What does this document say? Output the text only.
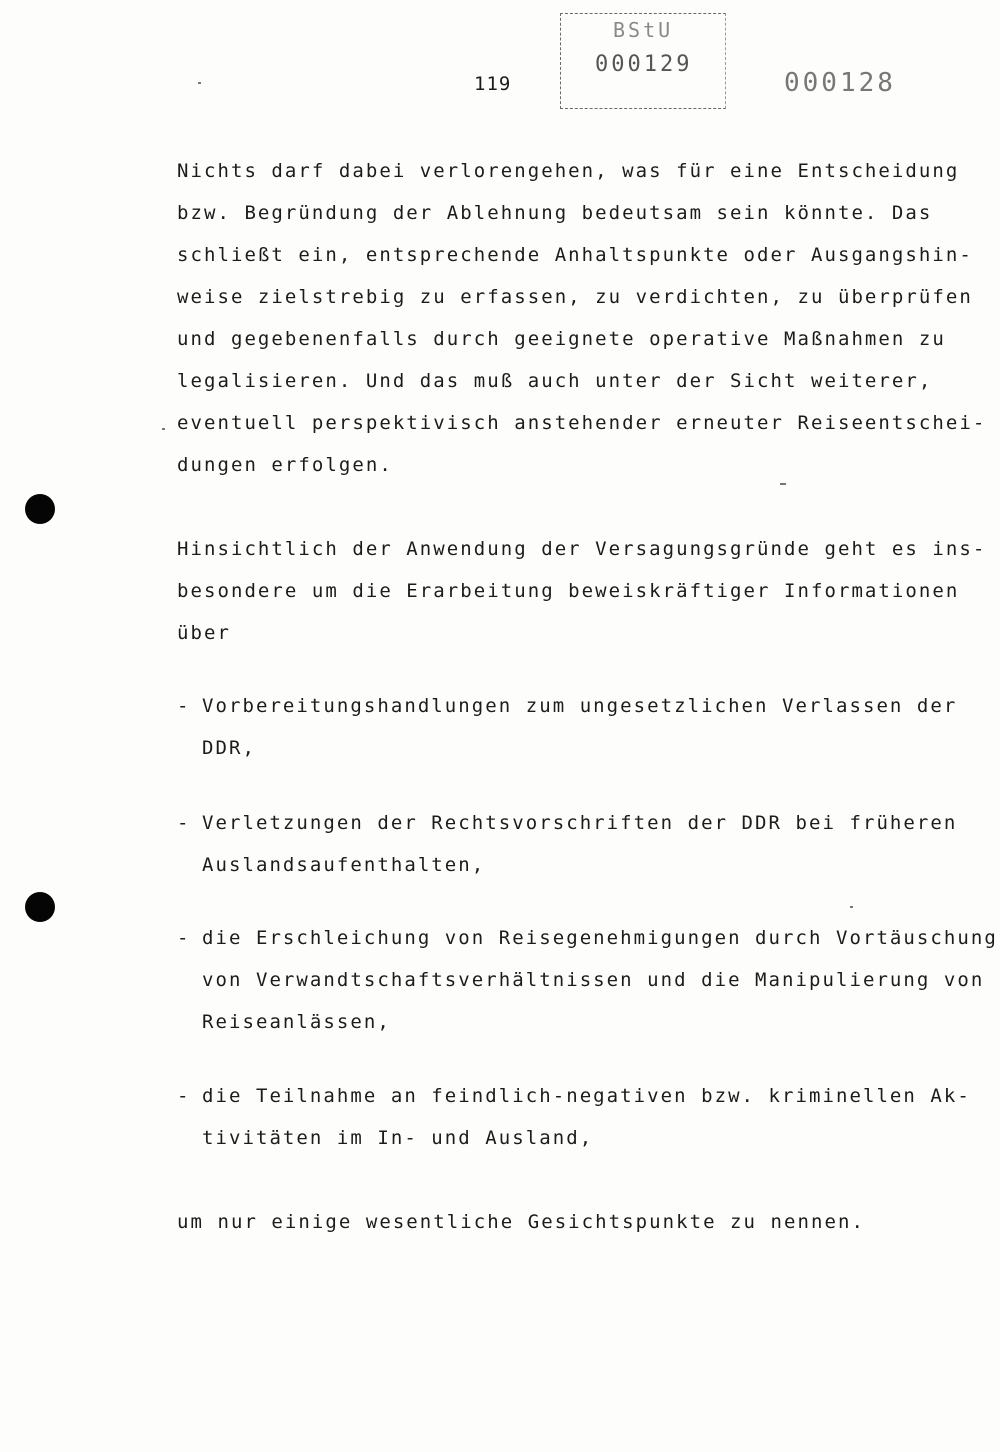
119
BStU
000129
000128
Nichts darf dabei verlorengehen, was für eine Entscheidung
bzw. Begründung der Ablehnung bedeutsam sein könnte. Das
schließt ein, entsprechende Anhaltspunkte oder Ausgangshin-
weise zielstrebig zu erfassen, zu verdichten, zu überprüfen
und gegebenenfalls durch geeignete operative Maßnahmen zu
legalisieren. Und das muß auch unter der Sicht weiterer,
eventuell perspektivisch anstehender erneuter Reiseentschei-
dungen erfolgen.
Hinsichtlich der Anwendung der Versagungsgründe geht es ins-
besondere um die Erarbeitung beweiskräftiger Informationen
über
- Vorbereitungshandlungen zum ungesetzlichen Verlassen der
DDR,
- Verletzungen der Rechtsvorschriften der DDR bei früheren
Auslandsaufenthalten,
- die Erschleichung von Reisegenehmigungen durch Vortäuschung
von Verwandtschaftsverhältnissen und die Manipulierung von
Reiseanlässen,
- die Teilnahme an feindlich-negativen bzw. kriminellen Ak-
tivitäten im In- und Ausland,
um nur einige wesentliche Gesichtspunkte zu nennen.
